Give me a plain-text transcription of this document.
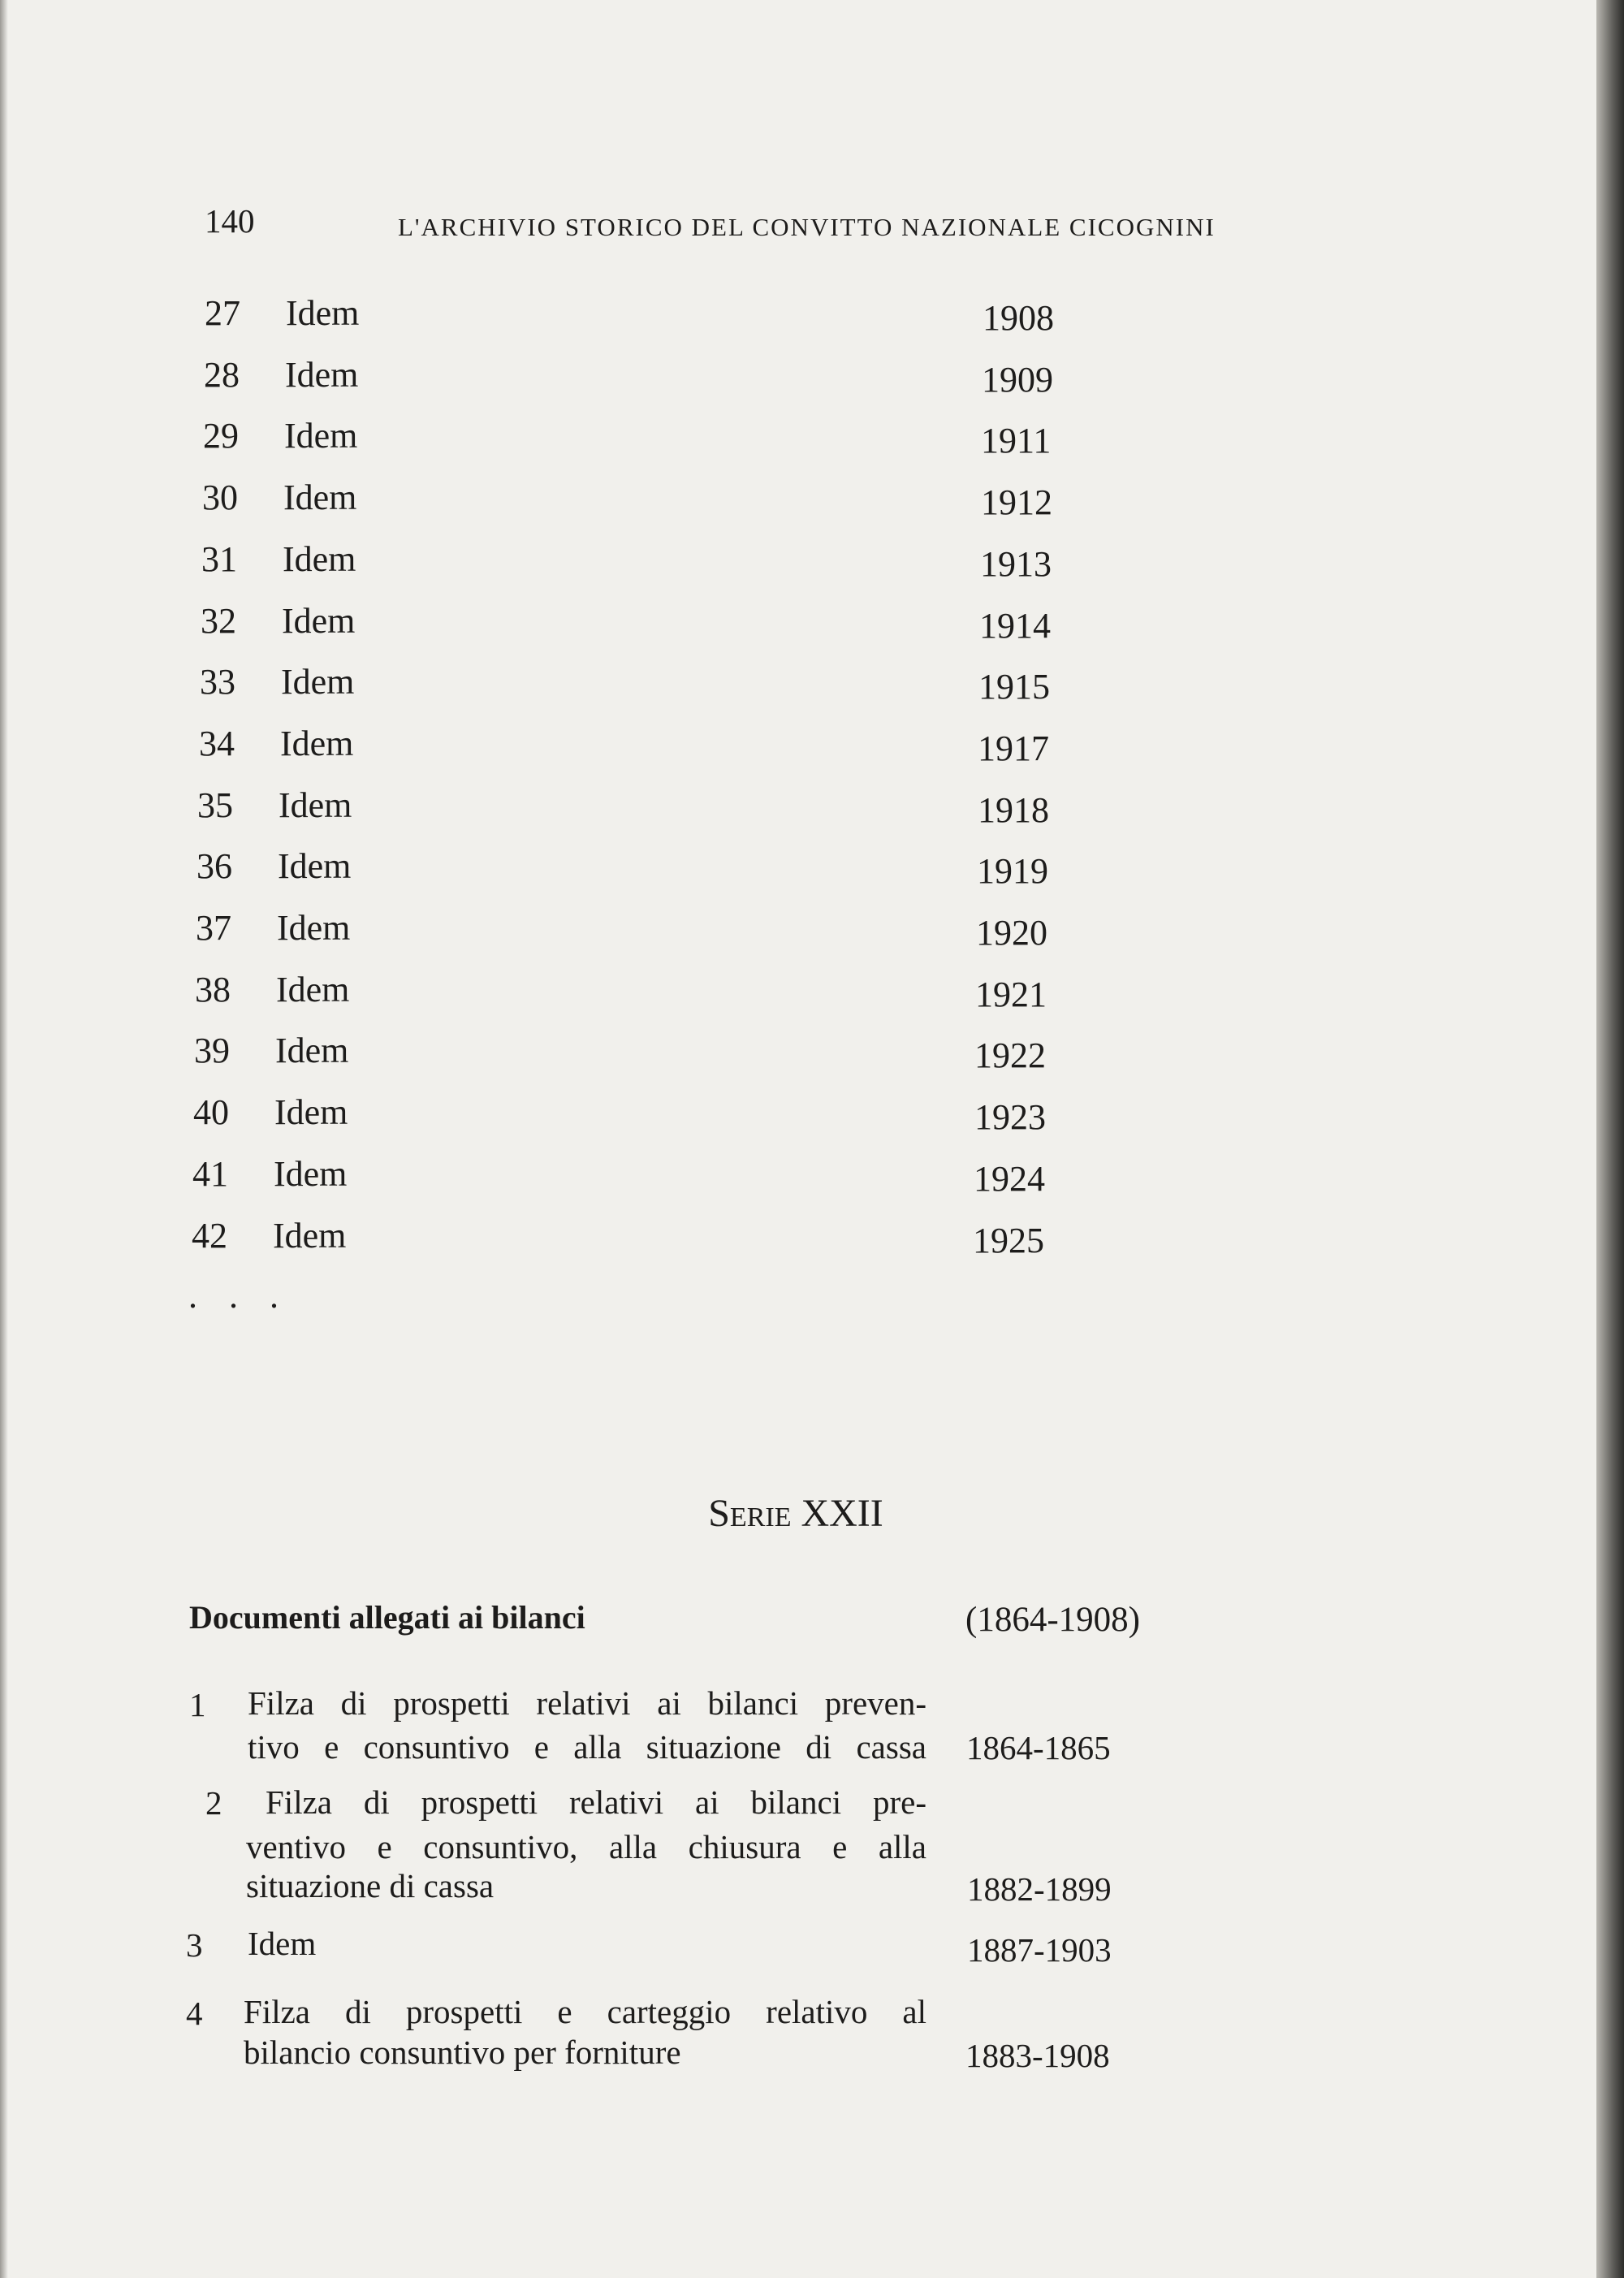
140	L'ARCHIVIO STORICO DEL CONVITTO NAZIONALE CICOGNINI
27 Idem	1908
28 Idem	1909
29 Idem	1911
30 Idem	1912
31 Idem	1913
32 Idem	1914
33 Idem	1915
34 Idem	1917
35 Idem	1918
36 Idem	1919
37 Idem	1920
38 Idem	1921
39 Idem	1922
40 Idem	1923
41 Idem	1924
42 Idem	1925
. . .
Serie XXII
Documenti allegati ai bilanci	(1864-1908)
1 Filza di prospetti relativi ai bilanci preven-
tivo e consuntivo e alla situazione di cassa 1864-1865
2 Filza di prospetti relativi ai bilanci pre-
ventivo e consuntivo, alla chiusura e alla
situazione di cassa	1882-1899
3 Idem	1887-1903
4 Filza di prospetti e carteggio relativo al
bilancio consuntivo per forniture	1883-1908
